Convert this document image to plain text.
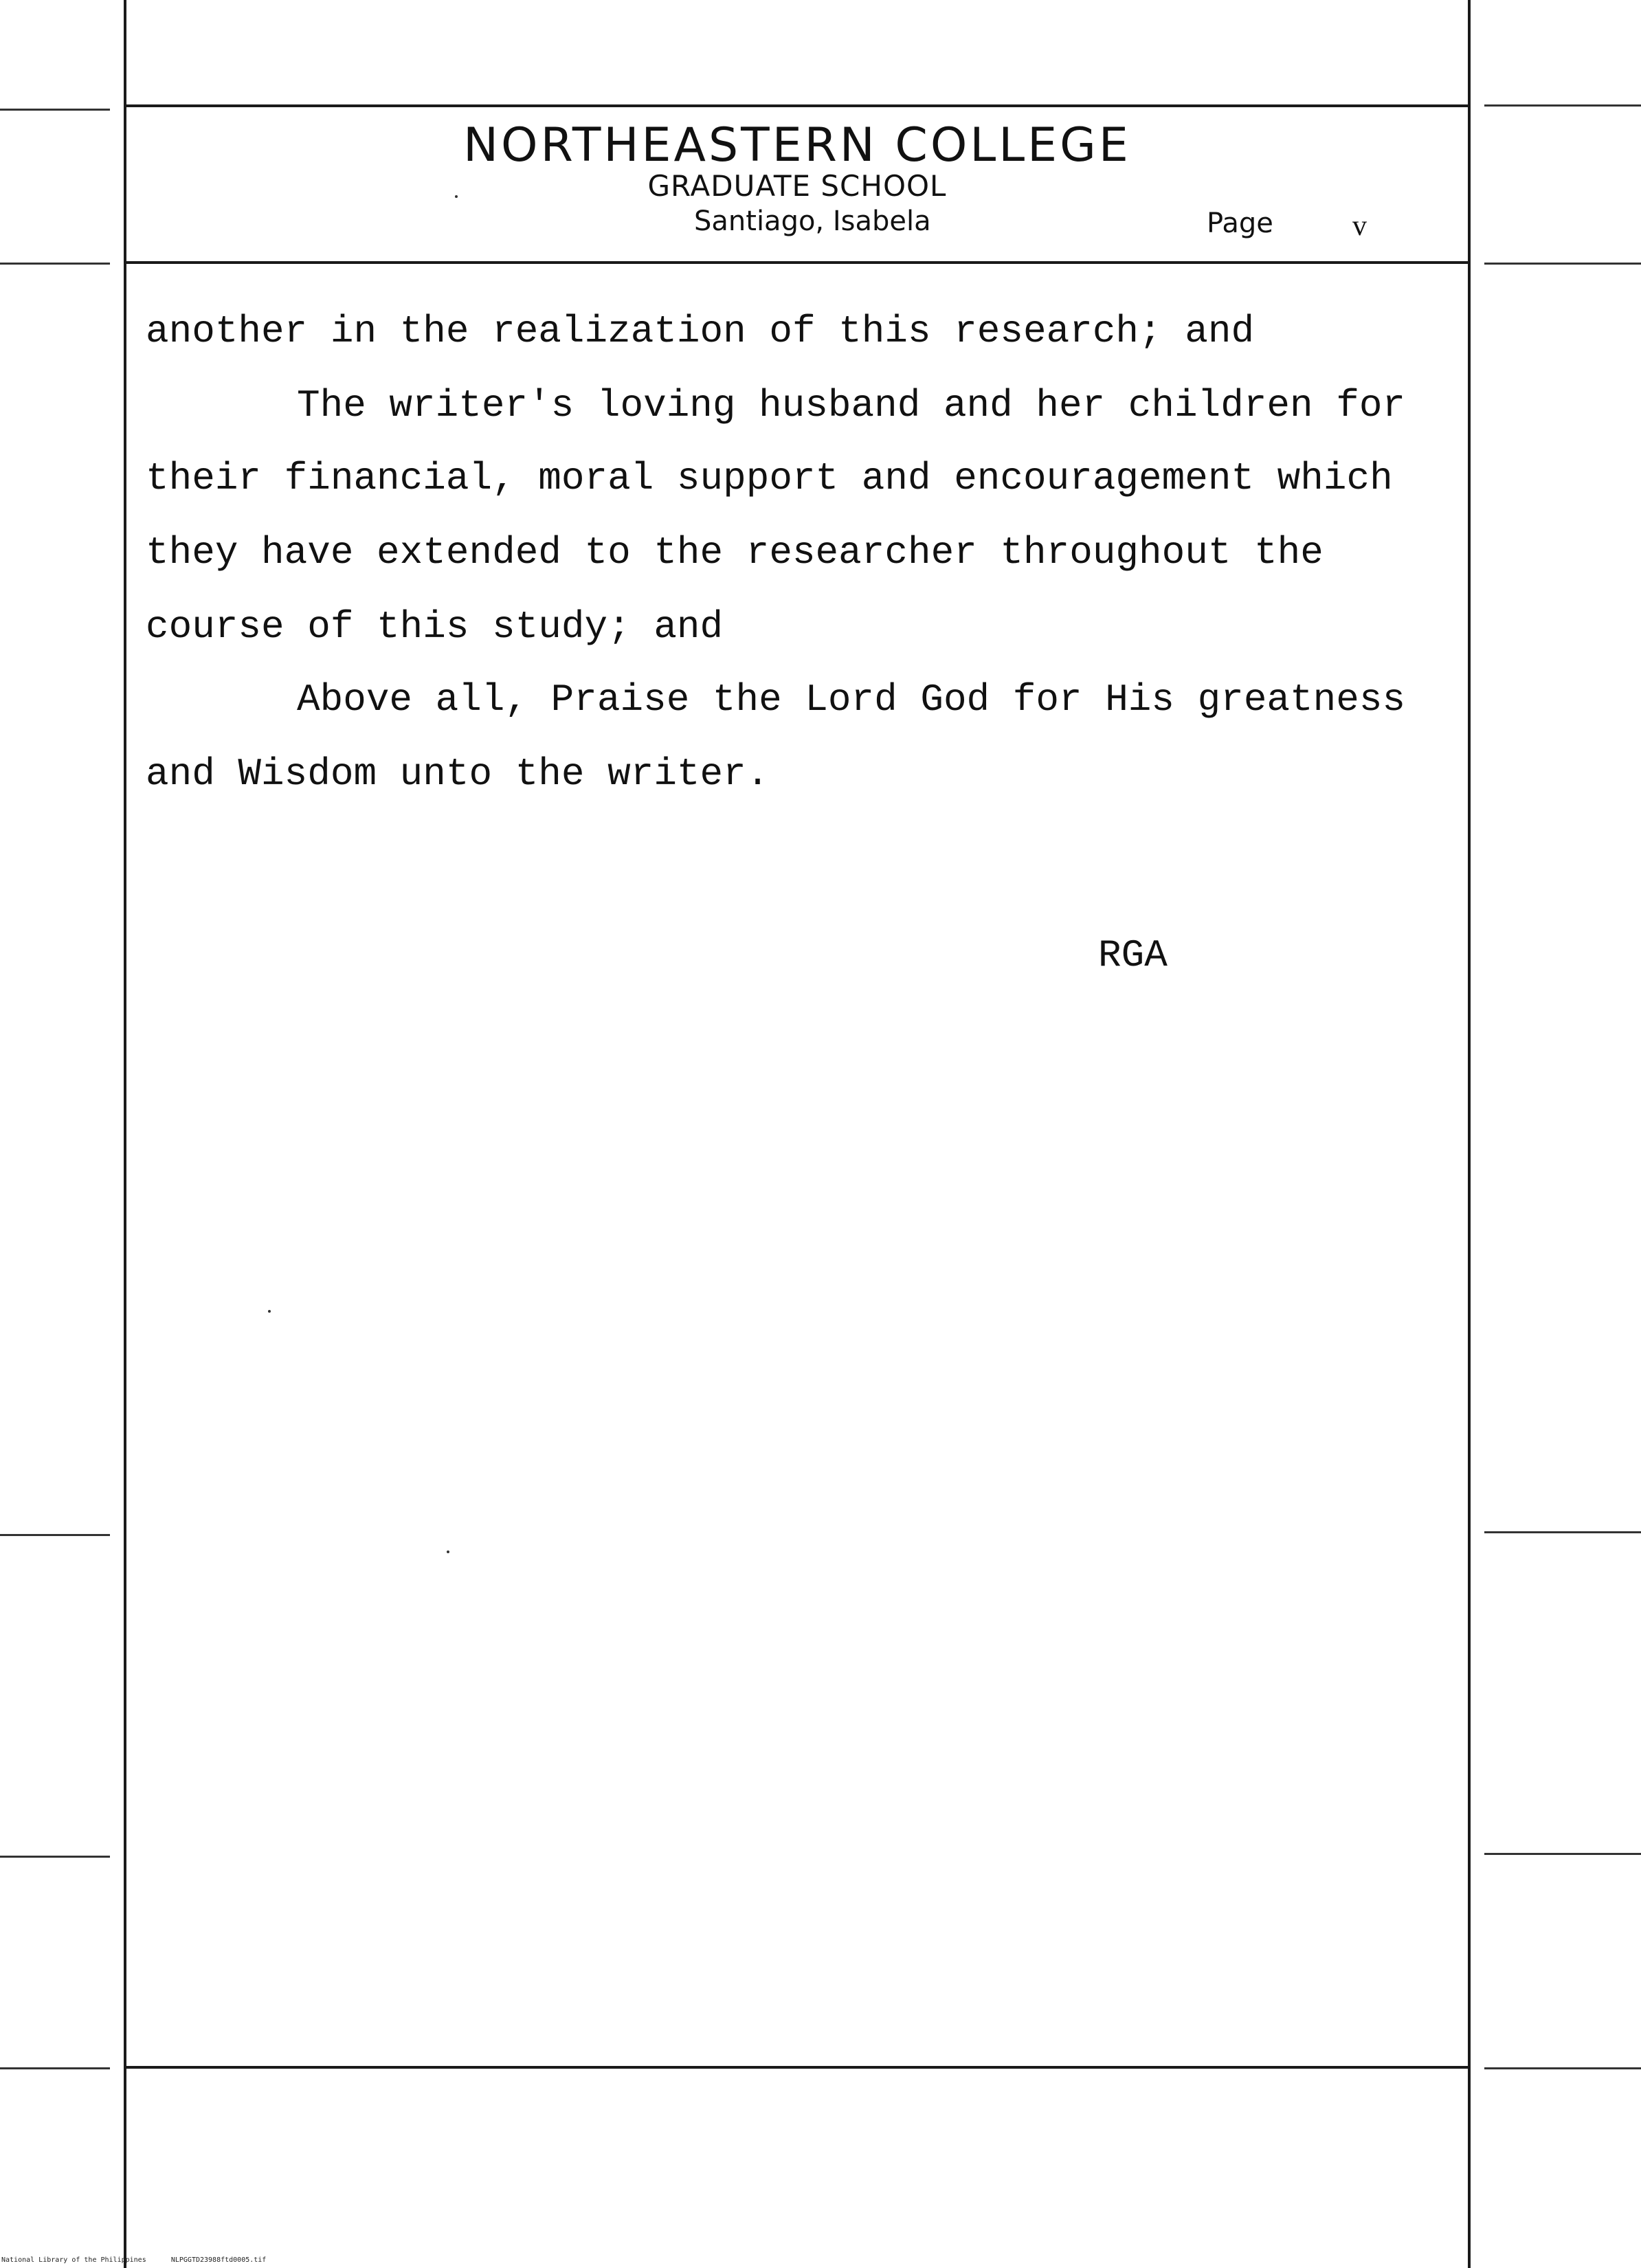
NORTHEASTERN COLLEGE
GRADUATE SCHOOL
Santiago, Isabela	Page	v
another in the realization of this research; and
The writer's loving husband and her children for
their financial, moral support and encouragement which
they have extended to the researcher throughout the
course of this study; and
Above all, Praise the Lord God for His greatness
and Wisdom unto the writer.
RGA
National Library of the Philippines	NLPGGTD23988ftd0005.tif
